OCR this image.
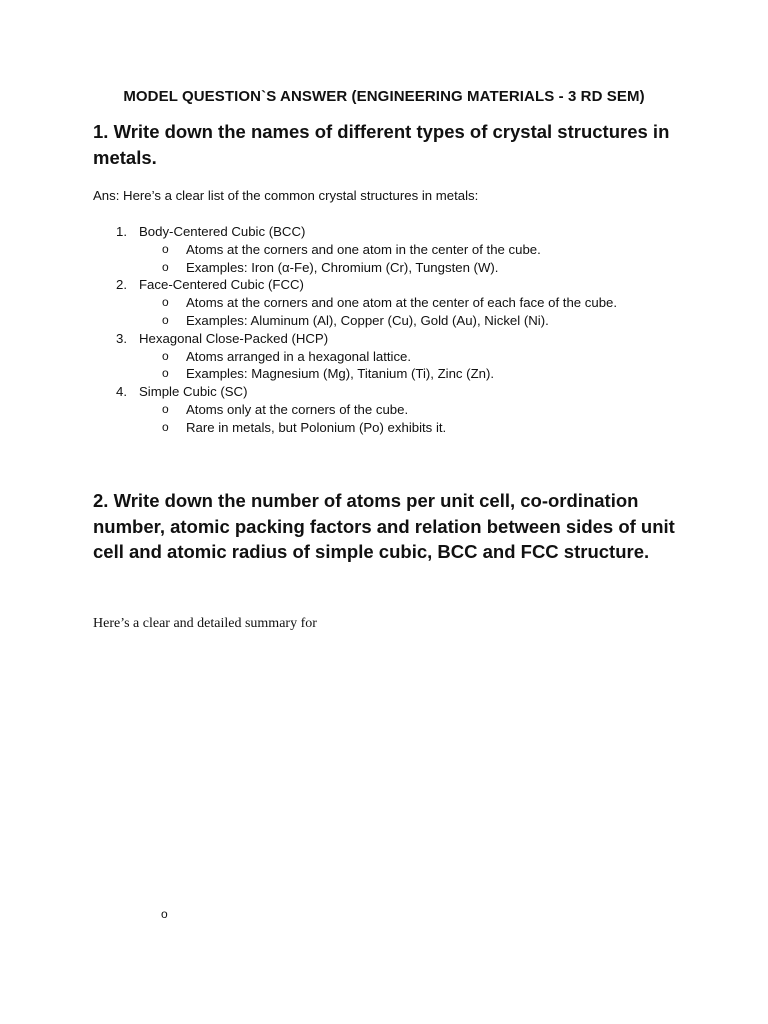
MODEL QUESTION`S ANSWER (ENGINEERING MATERIALS - 3 RD SEM)
1. Write down the names of different types of crystal structures in metals.
Ans: Here’s a clear list of the common crystal structures in metals:
1. Body-Centered Cubic (BCC)
o Atoms at the corners and one atom in the center of the cube.
o Examples: Iron (α-Fe), Chromium (Cr), Tungsten (W).
2. Face-Centered Cubic (FCC)
o Atoms at the corners and one atom at the center of each face of the cube.
o Examples: Aluminum (Al), Copper (Cu), Gold (Au), Nickel (Ni).
3. Hexagonal Close-Packed (HCP)
o Atoms arranged in a hexagonal lattice.
o Examples: Magnesium (Mg), Titanium (Ti), Zinc (Zn).
4. Simple Cubic (SC)
o Atoms only at the corners of the cube.
o Rare in metals, but Polonium (Po) exhibits it.
2. Write down the number of atoms per unit cell, co-ordination number, atomic packing factors and relation between sides of unit cell and atomic radius of simple cubic, BCC and FCC structure.
Here’s a clear and detailed summary for
o
